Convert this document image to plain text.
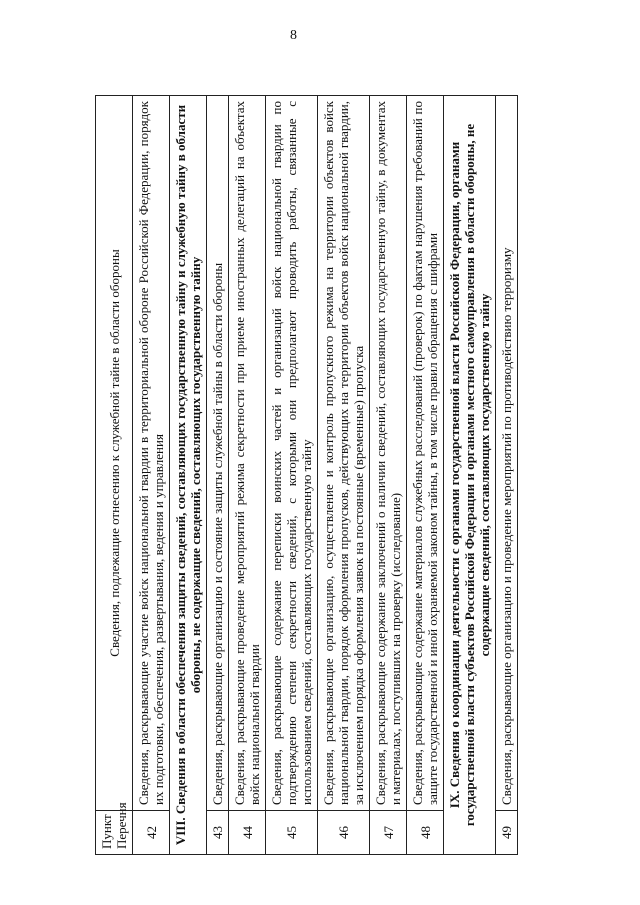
8
Пункт Перечня	Сведения, подлежащие отнесению к служебной тайне в области обороны
42	Сведения, раскрывающие участие войск национальной гвардии в территориальной обороне Российской Федерации, порядок их подготовки, обеспечения, развертывания, ведения и управления
VIII. Сведения в области обеспечения защиты сведений, составляющих государственную тайну и служебную тайну в области обороны, не содержащие сведений, составляющих государственную тайну	
43	Сведения, раскрывающие организацию и состояние защиты служебной тайны в области обороны
44	Сведения, раскрывающие проведение мероприятий режима секретности при приеме иностранных делегаций на объектах войск национальной гвардии
45	Сведения, раскрывающие содержание переписки воинских частей и организаций войск национальной гвардии по подтверждению степени секретности сведений, с которыми они предполагают проводить работы, связанные с использованием сведений, составляющих государственную тайну
46	Сведения, раскрывающие организацию, осуществление и контроль пропускного режима на территории объектов войск национальной гвардии, порядок оформления пропусков, действующих на территории объектов войск национальной гвардии, за исключением порядка оформления заявок на постоянные (временные) пропуска
47	Сведения, раскрывающие содержание заключений о наличии сведений, составляющих государственную тайну, в документах и материалах, поступивших на проверку (исследование)
48	Сведения, раскрывающие содержание материалов служебных расследований (проверок) по фактам нарушения требований по защите государственной и иной охраняемой законом тайны, в том числе правил обращения с шифрами
IX. Сведения о координации деятельности с органами государственной власти Российской Федерации, органами государственной власти субъектов Российской Федерации и органами местного самоуправления в области обороны, не содержащие сведений, составляющих государственную тайну	
49	Сведения, раскрывающие организацию и проведение мероприятий по противодействию терроризму
